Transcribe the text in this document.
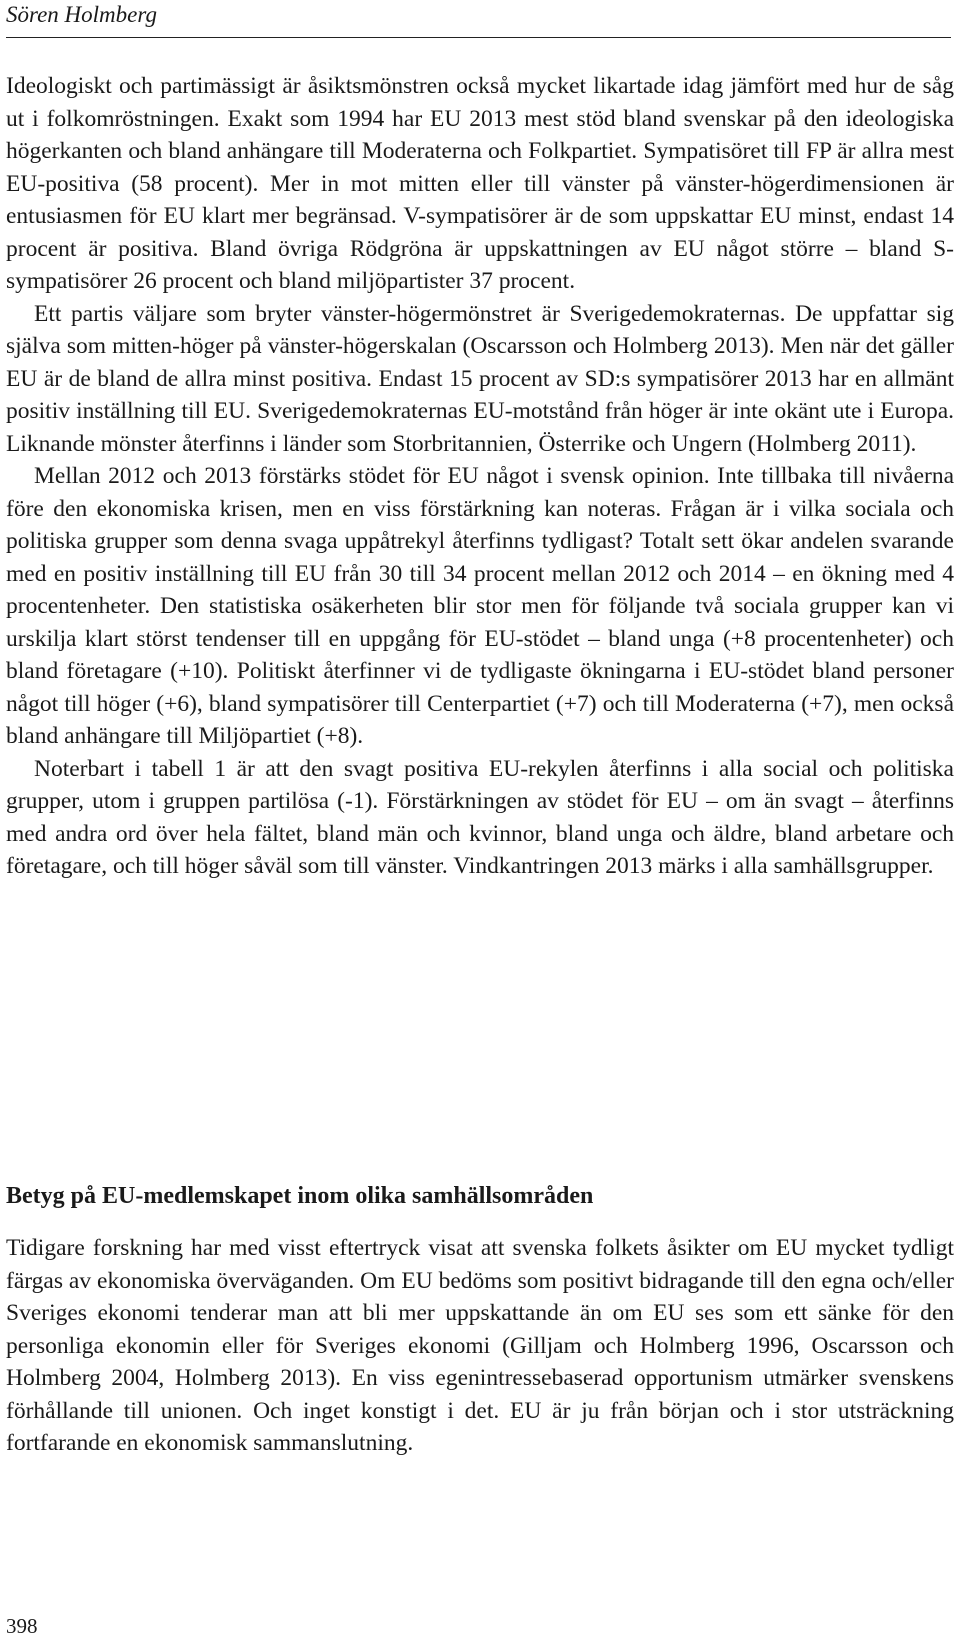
Sören Holmberg

Ideologiskt och partimässigt är åsiktsmönstren också mycket likartade idag jämfört med hur de såg ut i folkomröstningen. Exakt som 1994 har EU 2013 mest stöd bland svenskar på den ideologiska högerkanten och bland anhängare till Moderaterna och Folkpartiet. Sympatisöret till FP är allra mest EU-positiva (58 procent). Mer in mot mitten eller till vänster på vänster-högerdimensionen är entusiasmen för EU klart mer begränsad. V-sympatisörer är de som uppskattar EU minst, endast 14 procent är positiva. Bland övriga Rödgröna är uppskattningen av EU något större – bland S-sympatisörer 26 procent och bland miljöpartister 37 procent.

Ett partis väljare som bryter vänster-högermönstret är Sverigedemokraternas. De uppfattar sig själva som mitten-höger på vänster-högerskalan (Oscarsson och Holmberg 2013). Men när det gäller EU är de bland de allra minst positiva. Endast 15 procent av SD:s sympatisörer 2013 har en allmänt positiv inställning till EU. Sverigedemokraternas EU-motstånd från höger är inte okänt ute i Europa. Liknande mönster återfinns i länder som Storbritannien, Österrike och Ungern (Holmberg 2011).

Mellan 2012 och 2013 förstärks stödet för EU något i svensk opinion. Inte tillbaka till nivåerna före den ekonomiska krisen, men en viss förstärkning kan noteras. Frågan är i vilka sociala och politiska grupper som denna svaga uppåtrekyl återfinns tydligast? Totalt sett ökar andelen svarande med en positiv inställning till EU från 30 till 34 procent mellan 2012 och 2014 – en ökning med 4 procentenheter. Den statistiska osäkerheten blir stor men för följande två sociala grupper kan vi urskilja klart störst tendenser till en uppgång för EU-stödet – bland unga (+8 procentenheter) och bland företagare (+10). Politiskt återfinner vi de tydligaste ökningarna i EU-stödet bland personer något till höger (+6), bland sympatisörer till Centerpartiet (+7) och till Moderaterna (+7), men också bland anhängare till Miljöpartiet (+8).

Noterbart i tabell 1 är att den svagt positiva EU-rekylen återfinns i alla social och politiska grupper, utom i gruppen partilösa (-1). Förstärkningen av stödet för EU – om än svagt – återfinns med andra ord över hela fältet, bland män och kvinnor, bland unga och äldre, bland arbetare och företagare, och till höger såväl som till vänster. Vindkantringen 2013 märks i alla samhällsgrupper.

Betyg på EU-medlemskapet inom olika samhällsområden

Tidigare forskning har med visst eftertryck visat att svenska folkets åsikter om EU mycket tydligt färgas av ekonomiska överväganden. Om EU bedöms som positivt bidragande till den egna och/eller Sveriges ekonomi tenderar man att bli mer uppskattande än om EU ses som ett sänke för den personliga ekonomin eller för Sveriges ekonomi (Gilljam och Holmberg 1996, Oscarsson och Holmberg 2004, Holmberg 2013). En viss egenintressebaserad opportunism utmärker svenskens förhållande till unionen. Och inget konstigt i det. EU är ju från början och i stor utsträckning fortfarande en ekonomisk sammanslutning.

398
